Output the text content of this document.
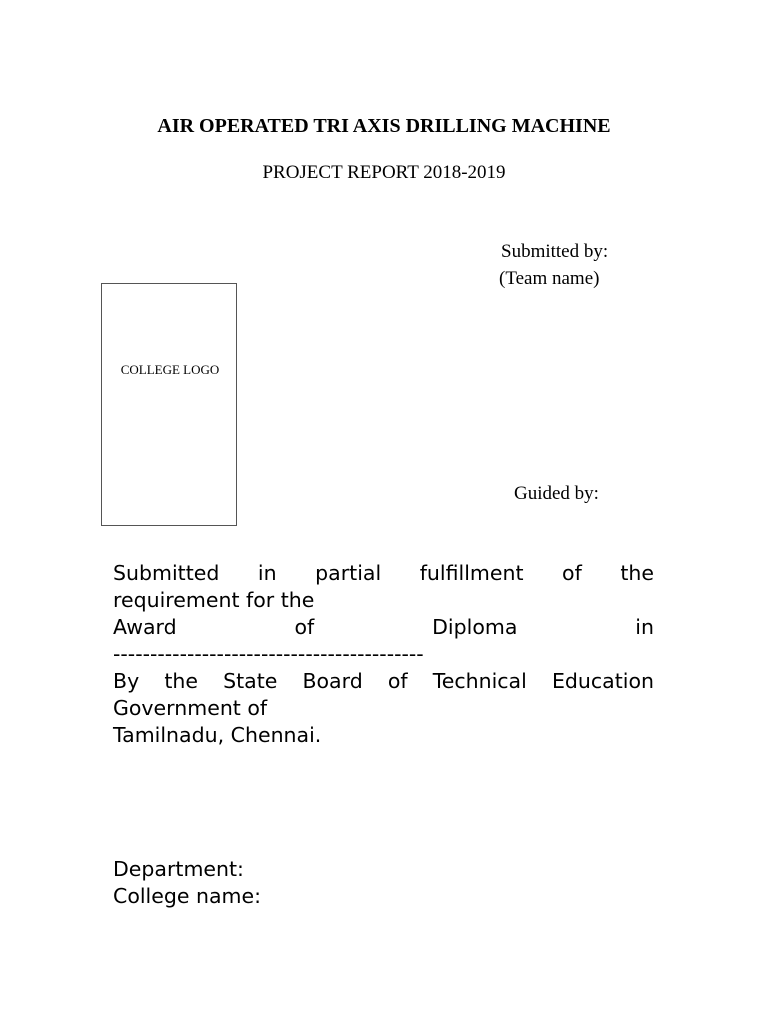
AIR OPERATED TRI AXIS DRILLING MACHINE
PROJECT REPORT 2018-2019
Submitted by:
(Team name)
COLLEGE LOGO
Guided by:
Submitted in partial fulfillment of the
requirement for the
Award	of	Diploma	in
------------------------------------------
By the State Board of Technical Education
Government of
Tamilnadu, Chennai.
Department:
College name:
